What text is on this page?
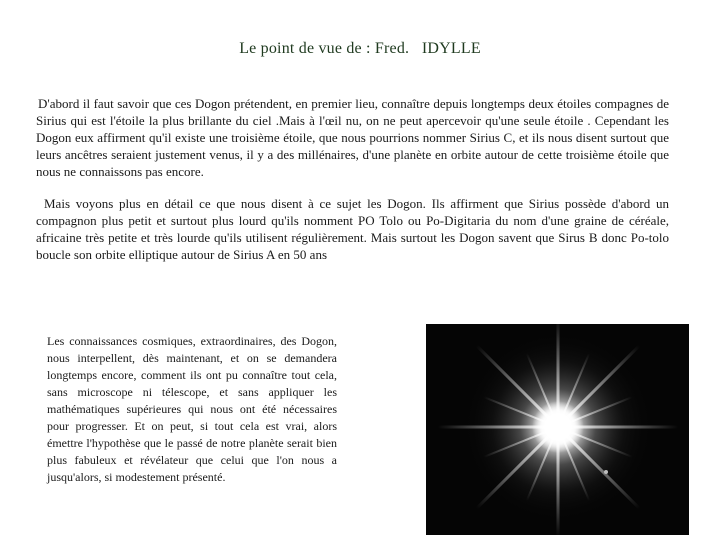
Le point de vue de : Fred.   IDYLLE

D'abord il faut savoir que ces Dogon prétendent, en premier lieu, connaître depuis longtemps deux étoiles compagnes de Sirius qui est l'étoile la plus brillante du ciel .Mais à l'œil nu, on ne peut apercevoir qu'une seule étoile . Cependant les Dogon eux affirment qu'il existe une troisième étoile, que nous pourrions nommer Sirius C, et ils nous disent surtout que leurs ancêtres seraient justement venus, il y a des millénaires, d'une planète en orbite autour de cette troisième étoile que nous ne connaissons pas encore.

Mais voyons plus en détail ce que nous disent à ce sujet les Dogon. Ils affirment que Sirius possède d'abord un compagnon plus petit et surtout plus lourd qu'ils nomment PO Tolo ou Po-Digitaria du nom d'une graine de céréale, africaine très petite et très lourde qu'ils utilisent régulièrement. Mais surtout les Dogon savent que Sirus B donc Po-tolo boucle son orbite elliptique autour de Sirius A en 50 ans

Les connaissances cosmiques, extraordinaires, des Dogon, nous interpellent, dès maintenant, et on se demandera longtemps encore, comment ils ont pu connaître tout cela, sans microscope ni télescope, et sans appliquer les mathématiques supérieures qui nous ont été nécessaires pour progresser. Et on peut, si tout cela est vrai, alors émettre l'hypothèse que le passé de notre planète serait bien plus fabuleux et révélateur que celui que l'on nous a jusqu'alors, si modestement présenté.
